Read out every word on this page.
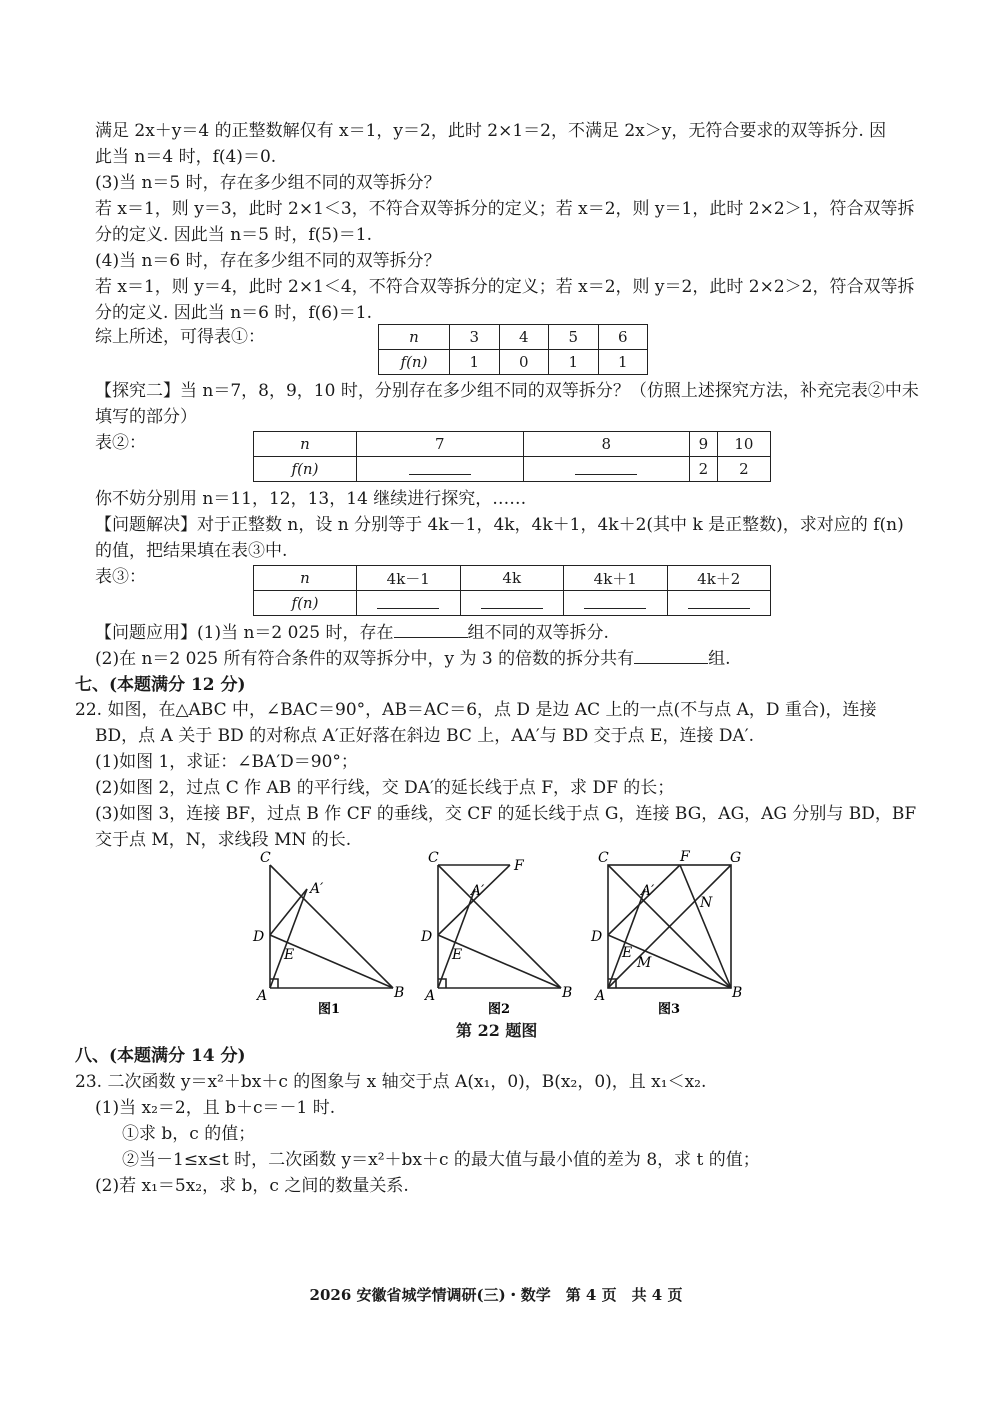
满足 2x＋y＝4 的正整数解仅有 x＝1，y＝2，此时 2×1＝2，不满足 2x＞y，无符合要求的双等拆分. 因
此当 n＝4 时，f(4)＝0.
(3)当 n＝5 时，存在多少组不同的双等拆分？
若 x＝1，则 y＝3，此时 2×1＜3，不符合双等拆分的定义；若 x＝2，则 y＝1，此时 2×2＞1，符合双等拆
分的定义. 因此当 n＝5 时，f(5)＝1.
(4)当 n＝6 时，存在多少组不同的双等拆分？
若 x＝1，则 y＝4，此时 2×1＜4，不符合双等拆分的定义；若 x＝2，则 y＝2，此时 2×2＞2，符合双等拆
分的定义. 因此当 n＝6 时，f(6)＝1.
综上所述，可得表①：	n	3	4	5	6
f(n)	1	0	1	1
【探究二】当 n＝7，8，9，10 时，分别存在多少组不同的双等拆分？（仿照上述探究方法，补充完表②中未
填写的部分）
表②：	n	7	8	9	10
f(n)			2	2
你不妨分别用 n＝11，12，13，14 继续进行探究，……
【问题解决】对于正整数 n，设 n 分别等于 4k－1，4k，4k＋1，4k＋2(其中 k 是正整数)，求对应的 f(n)
的值，把结果填在表③中.
表③：	n	4k－1	4k	4k＋1	4k＋2
f(n)				
【问题应用】(1)当 n＝2 025 时，存在	组不同的双等拆分.
(2)在 n＝2 025 所有符合条件的双等拆分中，y 为 3 的倍数的拆分共有	组.
七、(本题满分 12 分)
22. 如图，在△ABC 中，∠BAC＝90°，AB＝AC＝6，点 D 是边 AC 上的一点(不与点 A，D 重合)，连接
BD，点 A 关于 BD 的对称点 A′正好落在斜边 BC 上，AA′与 BD 交于点 E，连接 DA′.
(1)如图 1，求证：∠BA′D＝90°；
(2)如图 2，过点 C 作 AB 的平行线，交 DA′的延长线于点 F，求 DF 的长；
(3)如图 3，连接 BF，过点 B 作 CF 的垂线，交 CF 的延长线于点 G，连接 BG，AG，AG 分别与 BD，BF
交于点 M，N，求线段 MN 的长.
C
A′
D
E
A	B
图1
C	F
A′
D
E
A	B
图2
C	F	G
A′
N
D
E
M
A	B
图3
第 22 题图
八、(本题满分 14 分)
23. 二次函数 y＝x²＋bx＋c 的图象与 x 轴交于点 A(x₁，0)，B(x₂，0)，且 x₁＜x₂.
(1)当 x₂＝2，且 b＋c＝－1 时.
①求 b，c 的值；
②当－1≤x≤t 时，二次函数 y＝x²＋bx＋c 的最大值与最小值的差为 8，求 t 的值；
(2)若 x₁＝5x₂，求 b，c 之间的数量关系.
2026 安徽省城学情调研(三)・数学　第 4 页　共 4 页
